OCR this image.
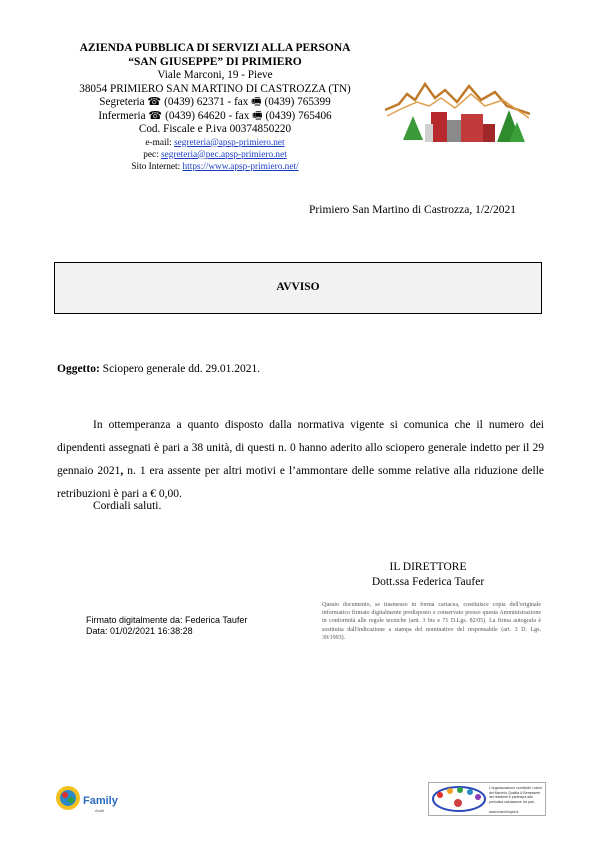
AZIENDA PUBBLICA DI SERVIZI ALLA PERSONA
“SAN GIUSEPPE” DI PRIMIERO
Viale Marconi, 19 - Pieve
38054 PRIMIERO SAN MARTINO DI CASTROZZA (TN)
Segreteria ☎ (0439) 62371 - fax 🖷 (0439) 765399
Infermeria ☎ (0439) 64620 - fax 🖷 (0439) 765406
Cod. Fiscale e P.iva 00374850220
e-mail: segreteria@apsp-primiero.net
pec: segreteria@pec.apsp-primiero.net
Sito Internet: https://www.apsp-primiero.net/
Primiero San Martino di Castrozza, 1/2/2021
AVVISO
Oggetto: Sciopero generale dd. 29.01.2021.

In ottemperanza a quanto disposto dalla normativa vigente si comunica che il numero dei dipendenti assegnati è pari a 38 unità, di questi n. 0 hanno aderito allo sciopero generale indetto per il 29 gennaio 2021, n. 1 era assente per altri motivi e l’ammontare delle somme relative alla riduzione delle retribuzioni è pari a € 0,00.

Cordiali saluti.
IL DIRETTORE
Dott.ssa Federica Taufer
Firmato digitalmente da: Federica Taufer
Data: 01/02/2021 16:38:28
Questo documento, se trasmesso in forma cartacea, costituisce copia dell'originale informatico firmato digitalmente predisposto e conservato presso questa Amministrazione in conformità alle regole tecniche (artt. 3 bis e 71 D.Lgs. 82/05). La firma autografa è sostituita dall'indicazione a stampa del nominativo del responsabile (art. 3 D. Lgs. 39/1993).
Family
Audit
L'organizzazione condivide i valori del Marchio Qualità & Benessere dei residenti e partecipa alla periodica valutazione tra pari.
www.marchioqeb.it
